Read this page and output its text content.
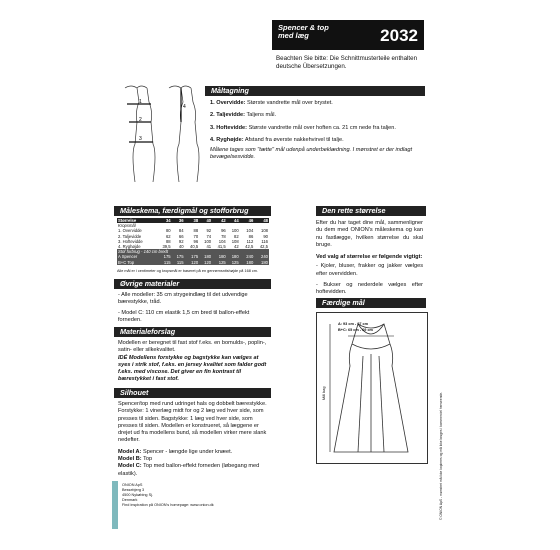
Spencer & top med læg	2032
Beachten Sie bitte: Die Schnittmusterteile enthalten deutsche Übersetzungen.
1
2
3
4
Måltagning
1. Overvidde: Største vandrette mål over brystet.
2. Taljevidde: Taljens mål.
3. Hoftevidde: Største vandrette mål over hoften ca. 21 cm nede fra taljen.
4. Ryghøjde: Afstand fra øverste nakkehvirvel til talje.
Målene tages som "tætte" mål udenpå underbeklædning. I mønstret er der indlagt bevægelsesvidde.
Måleskema, færdigmål og stofforbrug
Størrelse	34	36	38	40	42	44	46	48
Kropsmål								
1. Overvidde	80	84	88	92	96	100	104	108
2. Taljevidde	62	66	70	74	78	82	86	90
3. Hoftevidde	88	92	96	100	104	108	112	116
4. Ryghøjde	39,5	40	40,5	41	41,5	42	42,5	42,5
Stof forbrug - 140 cm bredt								
A Spencer	175	175	175	180	180	180	240	240
B+C Top	115	115	120	120	125	125	180	180
Alle mål er i centimeter og kropsmål er baseret på en gennemsnitshøjde på 168 cm.
Den rette størrelse
Efter du har taget dine mål, sammenligner du dem med ONION's måleskema og kan nu fastlægge, hvilken størrelse du skal bruge.
Ved valg af størrelse er følgende vigtigt:
- Kjoler, bluser, frakker og jakker vælges efter overvidden.
- Bukser og nederdele vælges efter hoftevidden.
Øvrige materialer
- Alle modeller: 35 cm strygeindlæg til det udvendige bærestykke, tråd.
- Model C: 110 cm elastik 1,5 cm bred til ballon-effekt forneden.
Materialeforslag
Modellen er beregnet til fast stof f.eks. en bomulds-, poplin-, satin- eller silkekvalitet.
IDÉ Modellens forstykke og bagstykke kan vælges at syes i strik stof, f.eks. en jersey kvalitet som falder godt f.eks. med viscose. Det giver en fin kontrast til bærestykket i fast stof.
Silhouet
Spencer/top med rund udringet hals og dobbelt bærestykke. Forstykke: 1 vinerlæg midt for og 2 læg ved hver side, som presses til siden. Bagstykke: 1 læg ved hver side, som presses til siden. Modellen er konstrueret, så læggene er drejet ud fra modellens bund, så modellen virker mere slank nedefter.
Model A: Spencer - længde lige under knæet.
Model B: Top
Model C: Top med ballon-effekt forneden (løbegang med elastik).
Færdige mål
A: 93 cm - 97 cm
B+C: 65 cm - 69 cm
Mål bag
ONION ApS
Bessebjerg 3
4500 Nykøbing Sj.
Denmark
Find inspiration på ONION's homepage: www.onion.dk	© ONION ApS - mønstret må ikke kopieres og må ikke bruges i kommerciel henseende.
